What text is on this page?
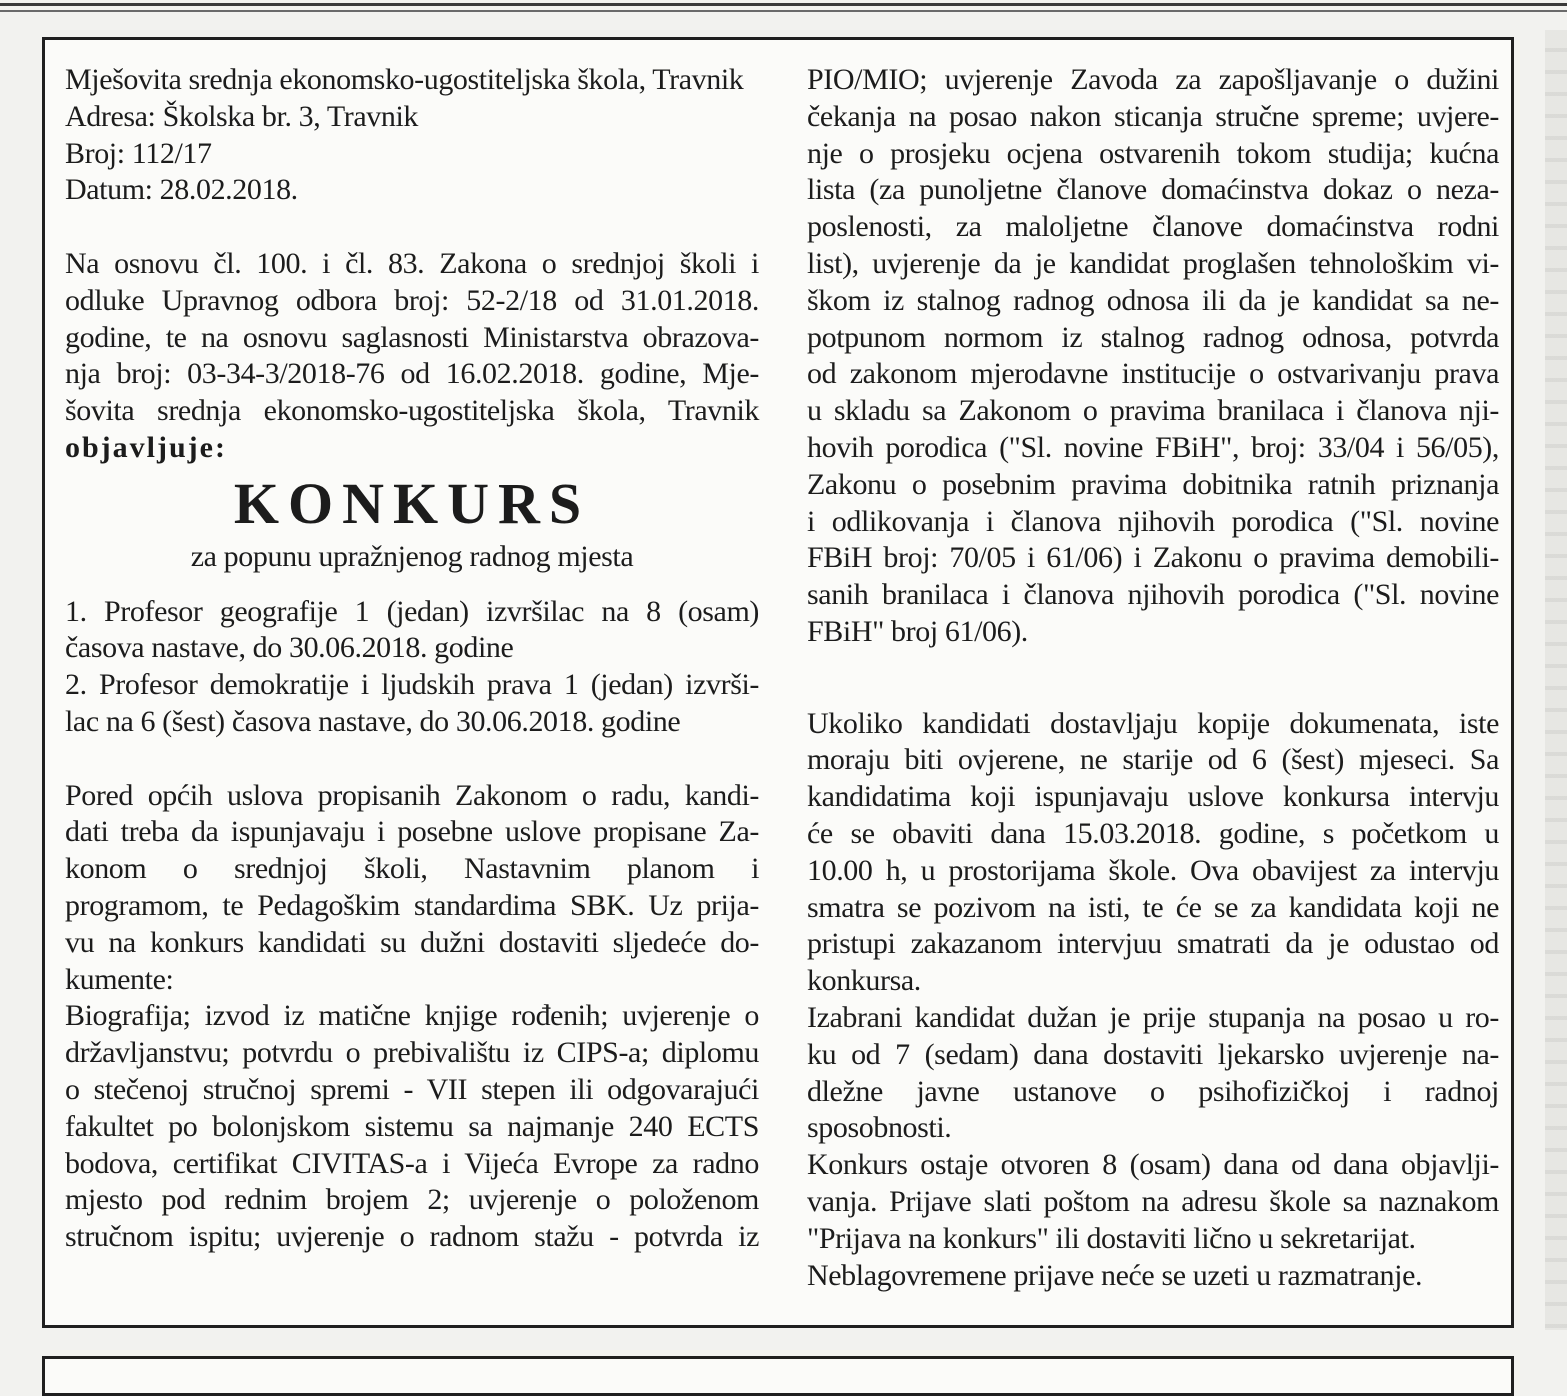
Mješovita srednja ekonomsko-ugostiteljska škola, Travnik
Adresa: Školska br. 3, Travnik
Broj: 112/17
Datum: 28.02.2018.
Na osnovu čl. 100. i čl. 83. Zakona o srednjoj školi i
odluke Upravnog odbora broj: 52-2/18 od 31.01.2018.
godine, te na osnovu saglasnosti Ministarstva obrazova-
nja broj: 03-34-3/2018-76 od 16.02.2018. godine, Mje-
šovita srednja ekonomsko-ugostiteljska škola, Travnik
objavljuje:
KONKURS
za popunu upražnjenog radnog mjesta
1. Profesor geografije 1 (jedan) izvršilac na 8 (osam)
časova nastave, do 30.06.2018. godine
2. Profesor demokratije i ljudskih prava 1 (jedan) izvrši-
lac na 6 (šest) časova nastave, do 30.06.2018. godine
Pored općih uslova propisanih Zakonom o radu, kandi-
dati treba da ispunjavaju i posebne uslove propisane Za-
konom o srednjoj školi, Nastavnim planom i
programom, te Pedagoškim standardima SBK. Uz prija-
vu na konkurs kandidati su dužni dostaviti sljedeće do-
kumente:
Biografija; izvod iz matične knjige rođenih; uvjerenje o
državljanstvu; potvrdu o prebivalištu iz CIPS-a; diplomu
o stečenoj stručnoj spremi - VII stepen ili odgovarajući
fakultet po bolonjskom sistemu sa najmanje 240 ECTS
bodova, certifikat CIVITAS-a i Vijeća Evrope za radno
mjesto pod rednim brojem 2; uvjerenje o položenom
stručnom ispitu; uvjerenje o radnom stažu - potvrda iz
PIO/MIO; uvjerenje Zavoda za zapošljavanje o dužini
čekanja na posao nakon sticanja stručne spreme; uvjere-
nje o prosjeku ocjena ostvarenih tokom studija; kućna
lista (za punoljetne članove domaćinstva dokaz o neza-
poslenosti, za maloljetne članove domaćinstva rodni
list), uvjerenje da je kandidat proglašen tehnološkim vi-
škom iz stalnog radnog odnosa ili da je kandidat sa ne-
potpunom normom iz stalnog radnog odnosa, potvrda
od zakonom mjerodavne institucije o ostvarivanju prava
u skladu sa Zakonom o pravima branilaca i članova nji-
hovih porodica ("Sl. novine FBiH", broj: 33/04 i 56/05),
Zakonu o posebnim pravima dobitnika ratnih priznanja
i odlikovanja i članova njihovih porodica ("Sl. novine
FBiH broj: 70/05 i 61/06) i Zakonu o pravima demobili-
sanih branilaca i članova njihovih porodica ("Sl. novine
FBiH" broj 61/06).
Ukoliko kandidati dostavljaju kopije dokumenata, iste
moraju biti ovjerene, ne starije od 6 (šest) mjeseci. Sa
kandidatima koji ispunjavaju uslove konkursa intervju
će se obaviti dana 15.03.2018. godine, s početkom u
10.00 h, u prostorijama škole. Ova obavijest za intervju
smatra se pozivom na isti, te će se za kandidata koji ne
pristupi zakazanom intervjuu smatrati da je odustao od
konkursa.
Izabrani kandidat dužan je prije stupanja na posao u ro-
ku od 7 (sedam) dana dostaviti ljekarsko uvjerenje na-
dležne javne ustanove o psihofizičkoj i radnoj
sposobnosti.
Konkurs ostaje otvoren 8 (osam) dana od dana objavlji-
vanja. Prijave slati poštom na adresu škole sa naznakom
"Prijava na konkurs" ili dostaviti lično u sekretarijat.
Neblagovremene prijave neće se uzeti u razmatranje.
